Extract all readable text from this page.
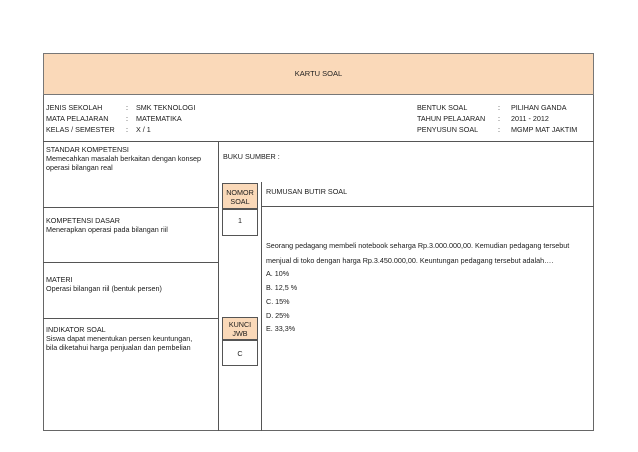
KARTU SOAL
JENIS SEKOLAH	: SMK TEKNOLOGI
MATA PELAJARAN : MATEMATIKA
KELAS / SEMESTER : X / 1
BENTUK SOAL	: PILIHAN GANDA
TAHUN PELAJARAN : 2011 - 2012
PENYUSUN SOAL	: MGMP MAT JAKTIM
STANDAR KOMPETENSI
Memecahkan masalah berkaitan dengan konsep
operasi bilangan real
BUKU SUMBER :
KOMPETENSI DASAR
Menerapkan operasi pada bilangan riil
MATERI
Operasi bilangan riil (bentuk persen)
INDIKATOR SOAL
Siswa dapat menentukan persen keuntungan,
bila diketahui harga penjualan dan pembelian
NOMOR
SOAL
1
KUNCI
JWB
C
RUMUSAN BUTIR SOAL
Seorang pedagang membeli notebook seharga Rp.3.000.000,00. Kemudian pedagang tersebut
menjual di toko dengan harga Rp.3.450.000,00. Keuntungan pedagang tersebut adalah….
A. 10%
B. 12,5 %
C. 15%
D. 25%
E. 33,3%
